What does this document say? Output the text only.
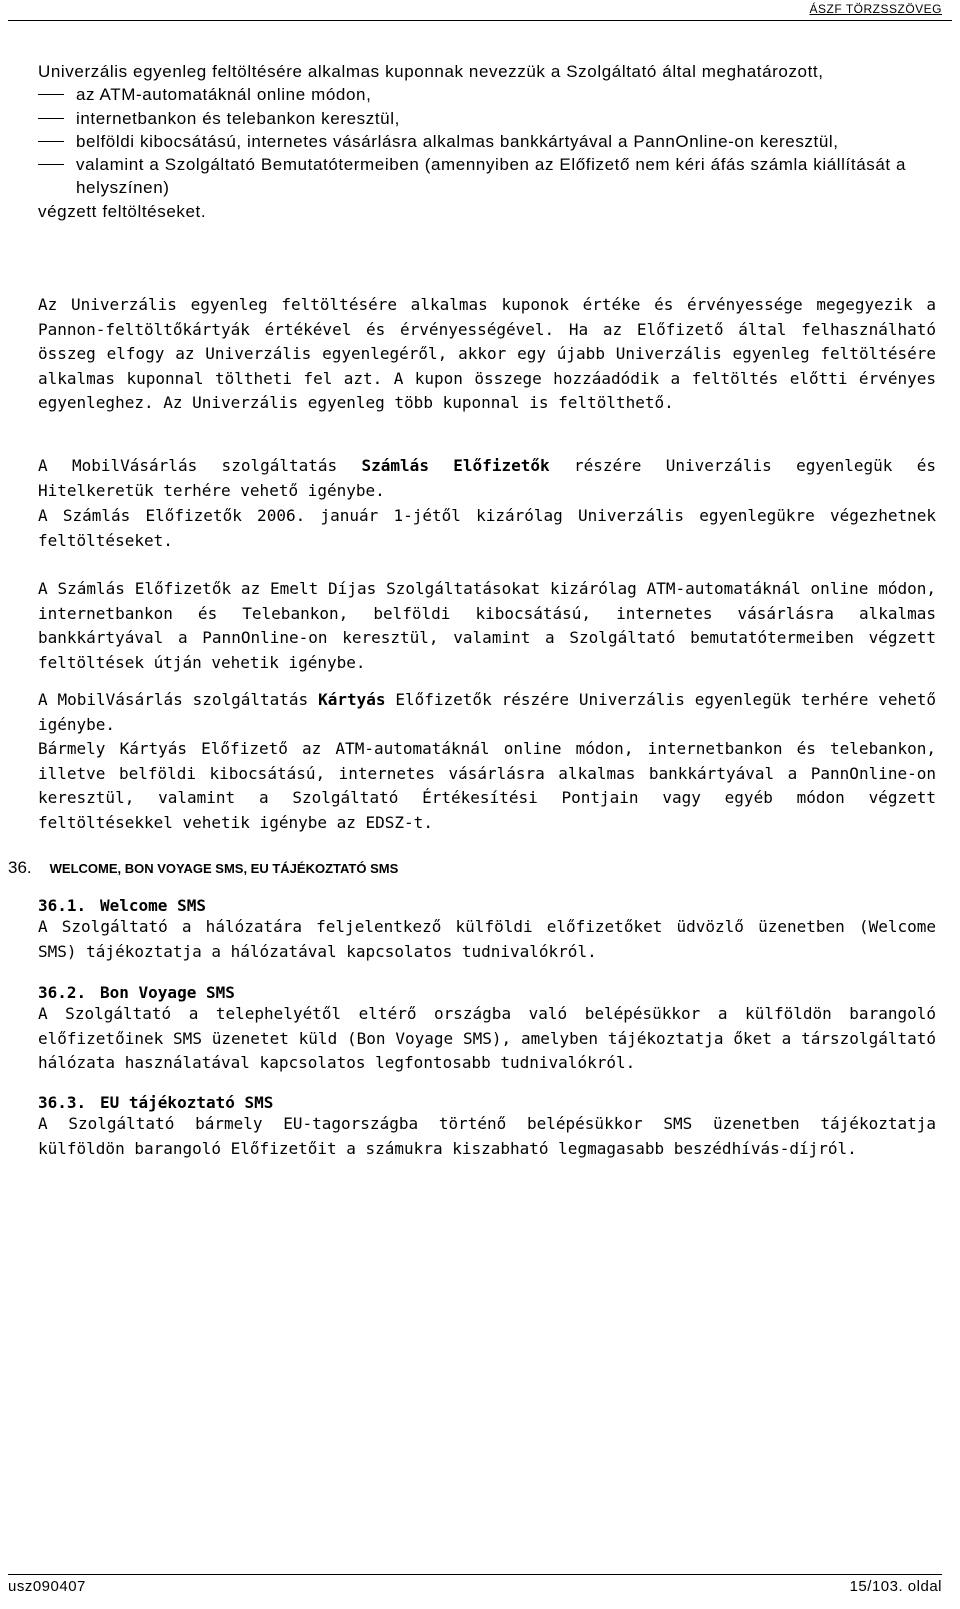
ÁSZF TÖRZSSZÖVEG

Univerzális egyenleg feltöltésére alkalmas kuponnak nevezzük a Szolgáltató által meghatározott,

az ATM-automatáknál online módon,

internetbankon és telebankon keresztül,

belföldi kibocsátású, internetes vásárlásra alkalmas bankkártyával a PannOnline-on keresztül,

valamint a Szolgáltató Bemutatótermeiben (amennyiben az Előfizető nem kéri áfás számla kiállítását a helyszínen)

végzett feltöltéseket.

Az Univerzális egyenleg feltöltésére alkalmas kuponok értéke és érvényessége megegyezik a Pannon-feltöltőkártyák értékével és érvényességével. Ha az Előfizető által felhasználható összeg elfogy az Univerzális egyenlegéről, akkor egy újabb Univerzális egyenleg feltöltésére alkalmas kuponnal töltheti fel azt. A kupon összege hozzáadódik a feltöltés előtti érvényes egyenleghez. Az Univerzális egyenleg több kuponnal is feltölthető.
A MobilVásárlás szolgáltatás Számlás Előfizetők részére Univerzális egyenlegük és Hitelkeretük terhére vehető igénybe.
A Számlás Előfizetők 2006. január 1-jétől kizárólag Univerzális egyenlegükre végezhetnek feltöltéseket.
A Számlás Előfizetők az Emelt Díjas Szolgáltatásokat kizárólag ATM-automatáknál online módon, internetbankon és Telebankon, belföldi kibocsátású, internetes vásárlásra alkalmas bankkártyával a PannOnline-on keresztül, valamint a Szolgáltató bemutatótermeiben végzett feltöltések útján vehetik igénybe.
A MobilVásárlás szolgáltatás Kártyás Előfizetők részére Univerzális egyenlegük terhére vehető igénybe.
Bármely Kártyás Előfizető az ATM-automatáknál online módon, internetbankon és telebankon, illetve belföldi kibocsátású, internetes vásárlásra alkalmas bankkártyával a PannOnline-on keresztül, valamint a Szolgáltató Értékesítési Pontjain vagy egyéb módon végzett feltöltésekkel vehetik igénybe az EDSZ-t.
36. WELCOME, BON VOYAGE SMS, EU TÁJÉKOZTATÓ SMS
36.1. Welcome SMS

A Szolgáltató a hálózatára feljelentkező külföldi előfizetőket üdvözlő üzenetben (Welcome SMS) tájékoztatja a hálózatával kapcsolatos tudnivalókról.

36.2. Bon Voyage SMS

A Szolgáltató a telephelyétől eltérő országba való belépésükkor a külföldön barangoló előfizetőinek SMS üzenetet küld (Bon Voyage SMS), amelyben tájékoztatja őket a társzolgáltató hálózata használatával kapcsolatos legfontosabb tudnivalókról.

36.3. EU tájékoztató SMS

A Szolgáltató bármely EU-tagországba történő belépésükkor SMS üzenetben tájékoztatja külföldön barangoló Előfizetőit a számukra kiszabható legmagasabb beszédhívás-díjról.

usz090407	15/103. oldal
